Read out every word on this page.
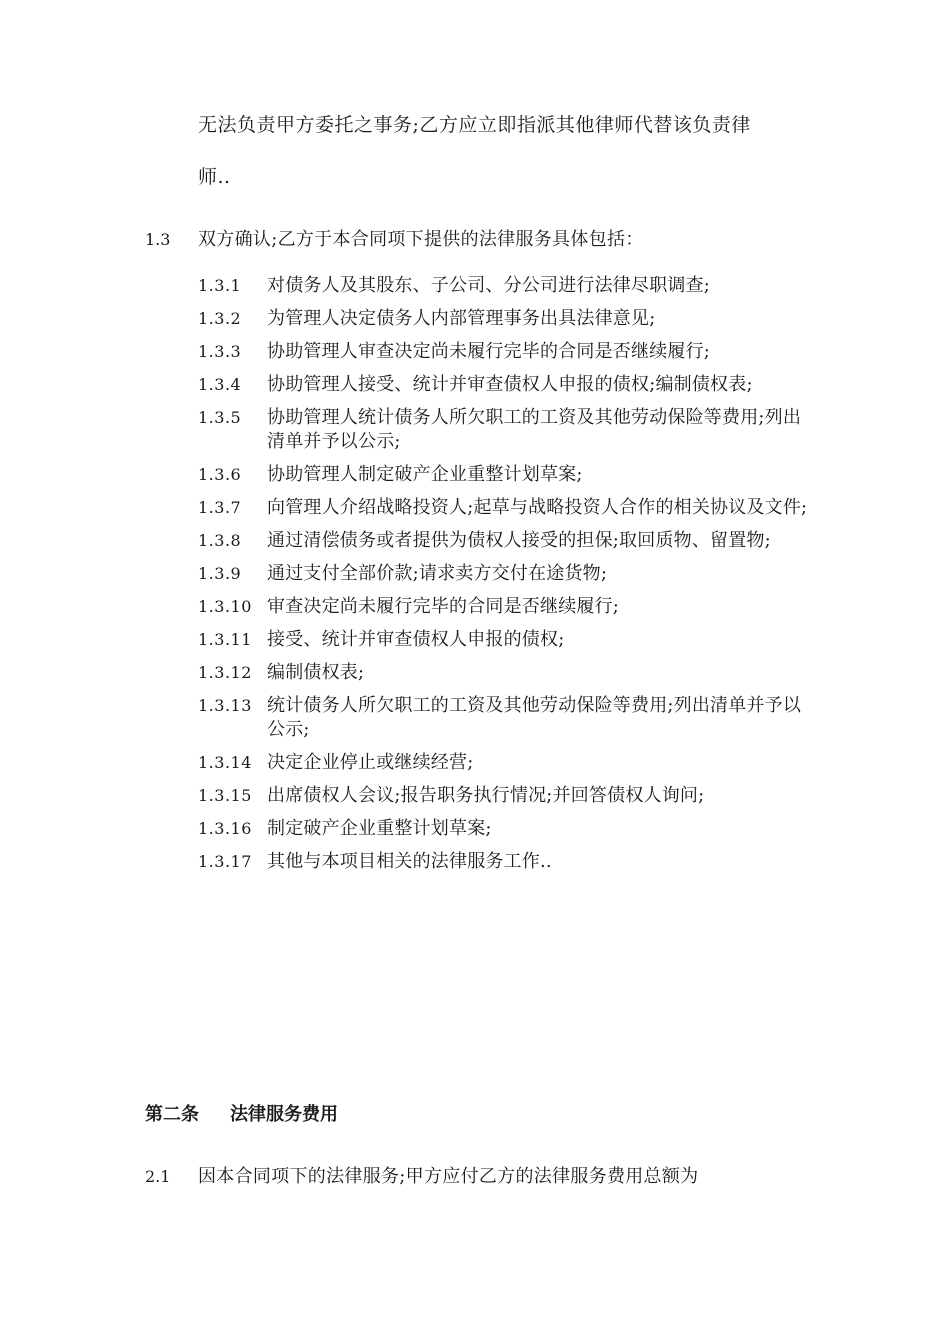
无法负责甲方委托之事务;乙方应立即指派其他律师代替该负责律
师..
1.3 双方确认;乙方于本合同项下提供的法律服务具体包括：
1.3.1	对债务人及其股东、子公司、分公司进行法律尽职调查;
1.3.2	为管理人决定债务人内部管理事务出具法律意见;
1.3.3	协助管理人审查决定尚未履行完毕的合同是否继续履行;
1.3.4	协助管理人接受、统计并审查债权人申报的债权;编制债权表;
1.3.5	协助管理人统计债务人所欠职工的工资及其他劳动保险等费用;列出清单并予以公示;
1.3.6	协助管理人制定破产企业重整计划草案;
1.3.7	向管理人介绍战略投资人;起草与战略投资人合作的相关协议及文件;
1.3.8	通过清偿债务或者提供为债权人接受的担保;取回质物、留置物;
1.3.9	通过支付全部价款;请求卖方交付在途货物;
1.3.10 审查决定尚未履行完毕的合同是否继续履行;
1.3.11 接受、统计并审查债权人申报的债权;
1.3.12 编制债权表;
1.3.13 统计债务人所欠职工的工资及其他劳动保险等费用;列出清单并予以公示;
1.3.14 决定企业停止或继续经营;
1.3.15 出席债权人会议;报告职务执行情况;并回答债权人询问;
1.3.16 制定破产企业重整计划草案;
1.3.17 其他与本项目相关的法律服务工作..
第二条 法律服务费用
2.1 因本合同项下的法律服务;甲方应付乙方的法律服务费用总额为
